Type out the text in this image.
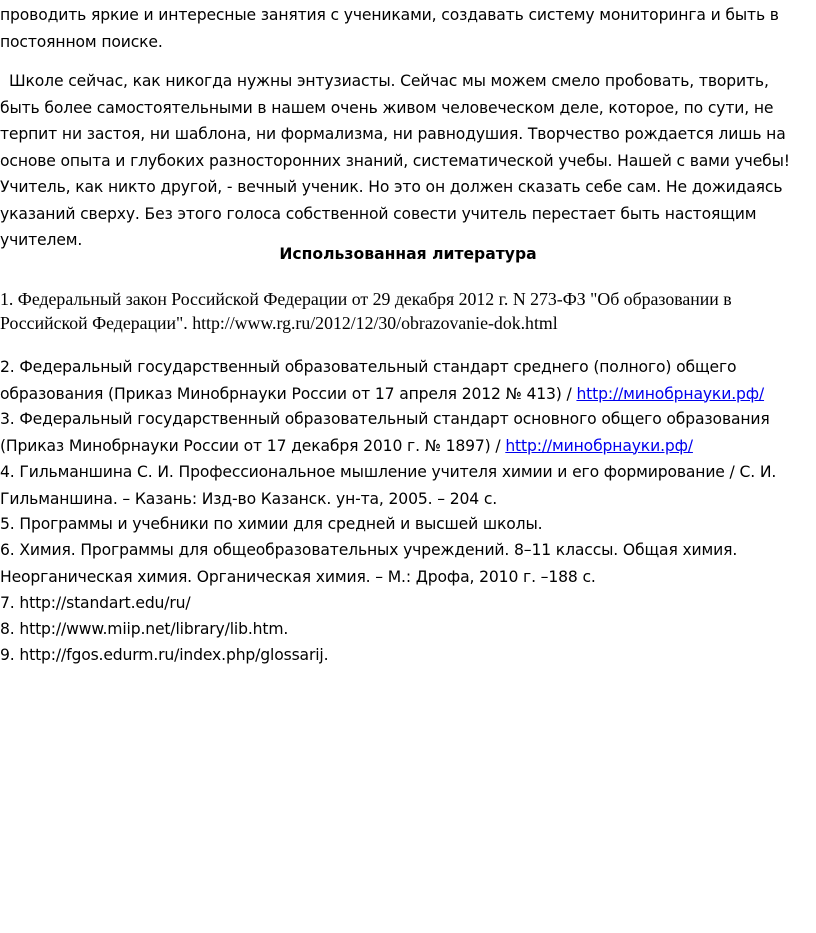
проводить яркие и интересные занятия с учениками, создавать систему мониторинга и быть в постоянном поиске.

Школе сейчас, как никогда нужны энтузиасты. Сейчас мы можем смело пробовать, творить, быть более самостоятельными в нашем очень живом человеческом деле, которое, по сути, не терпит ни застоя, ни шаблона, ни формализма, ни равнодушия. Творчество рождается лишь на основе опыта и глубоких разносторонних знаний, систематической учебы. Нашей с вами учебы! Учитель, как никто другой, - вечный ученик. Но это он должен сказать себе сам. Не дожидаясь указаний сверху. Без этого голоса собственной совести учитель перестает быть настоящим учителем.

Использованная литература

1. Федеральный закон Российской Федерации от 29 декабря 2012 г. N 273-ФЗ "Об образовании в Российской Федерации". http://www.rg.ru/2012/12/30/obrazovanie-dok.html

2. Федеральный государственный образовательный стандарт среднего (полного) общего образования (Приказ Минобрнауки России от 17 апреля 2012 № 413) / http://минобрнауки.рф/

3. Федеральный государственный образовательный стандарт основного общего образования (Приказ Минобрнауки России от 17 декабря 2010 г. № 1897) / http://минобрнауки.рф/

4. Гильманшина С. И. Профессиональное мышление учителя химии и его формирование / С. И. Гильманшина. – Казань: Изд-во Казанск. ун-та, 2005. – 204 с.

5. Программы и учебники по химии для средней и высшей школы.

6. Химия. Программы для общеобразовательных учреждений. 8–11 классы. Общая химия. Неорганическая химия. Органическая химия. – М.: Дрофа, 2010 г. –188 с.

7. http://standart.edu/ru/

8. http://www.miip.net/library/lib.htm.

9. http://fgos.edurm.ru/index.php/glossarij.
